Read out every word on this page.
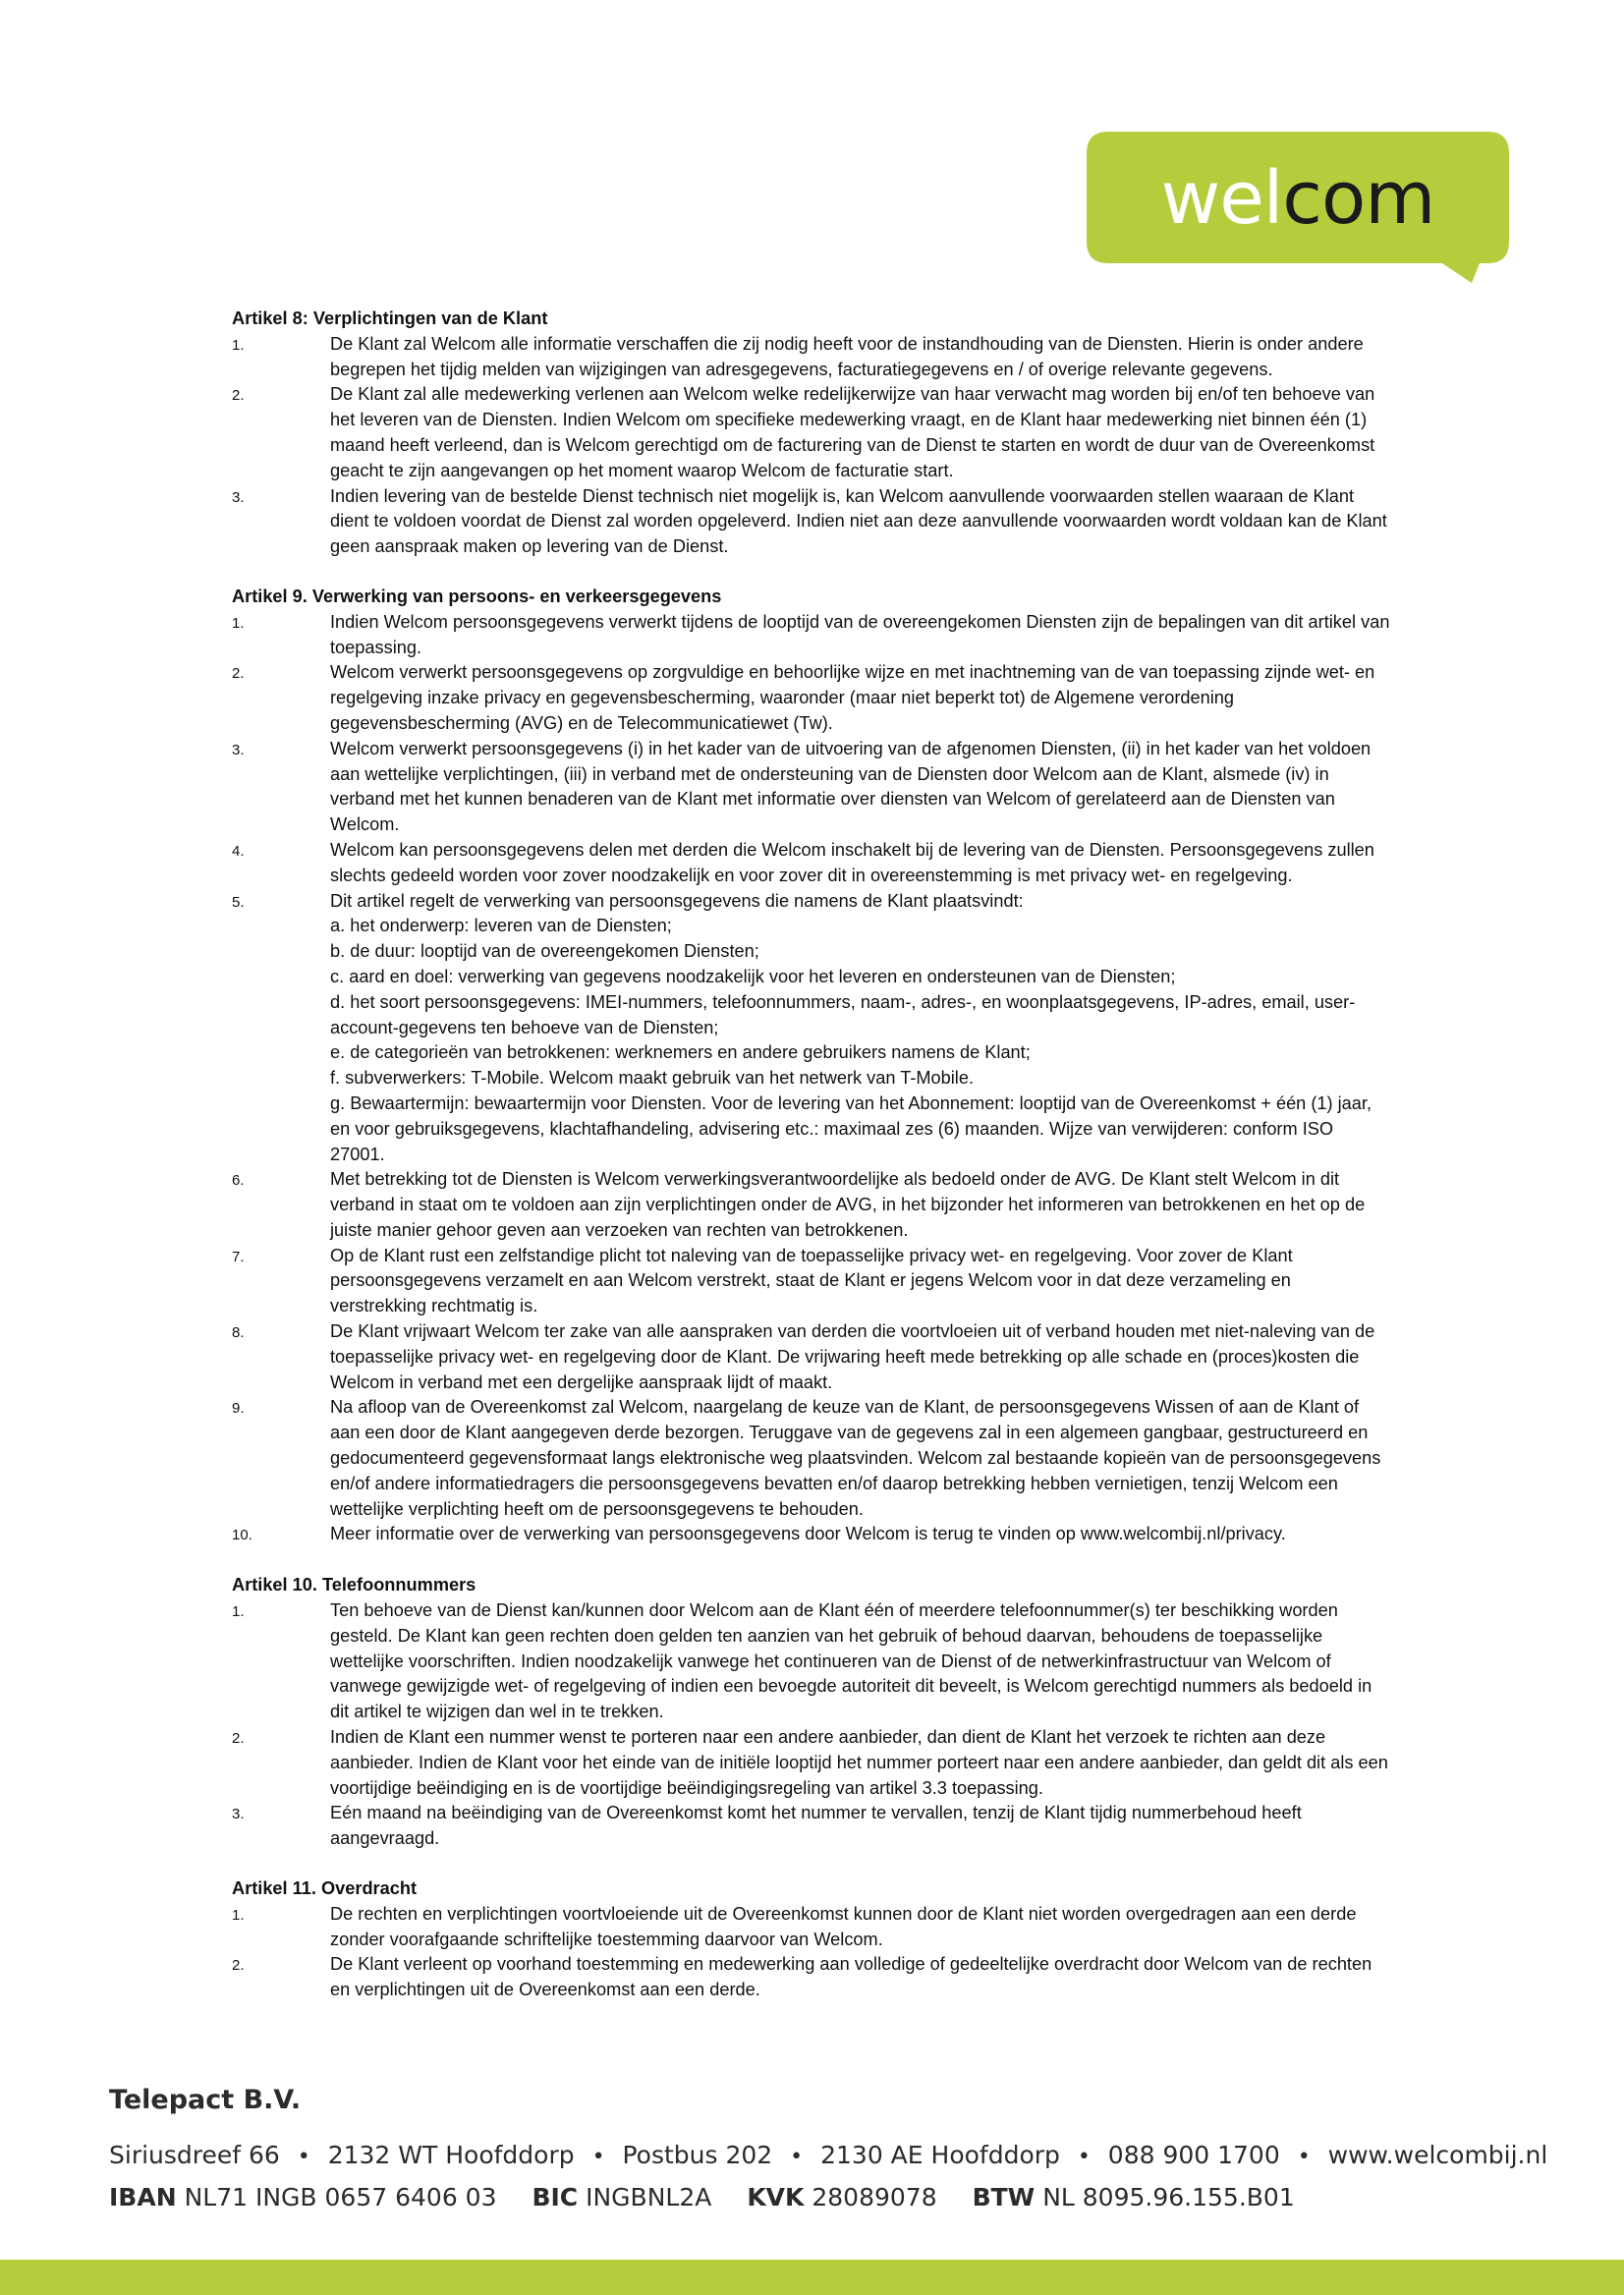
welcom
Artikel 8: Verplichtingen van de Klant
1.	De Klant zal Welcom alle informatie verschaffen die zij nodig heeft voor de instandhouding van de Diensten. Hierin is onder andere begrepen het tijdig melden van wijzigingen van adresgegevens, facturatiegegevens en / of overige relevante gegevens.
2.	De Klant zal alle medewerking verlenen aan Welcom welke redelijkerwijze van haar verwacht mag worden bij en/of ten behoeve van het leveren van de Diensten. Indien Welcom om specifieke medewerking vraagt, en de Klant haar medewerking niet binnen één (1) maand heeft verleend, dan is Welcom gerechtigd om de facturering van de Dienst te starten en wordt de duur van de Overeenkomst geacht te zijn aangevangen op het moment waarop Welcom de facturatie start.
3.	Indien levering van de bestelde Dienst technisch niet mogelijk is, kan Welcom aanvullende voorwaarden stellen waaraan de Klant dient te voldoen voordat de Dienst zal worden opgeleverd. Indien niet aan deze aanvullende voorwaarden wordt voldaan kan de Klant geen aanspraak maken op levering van de Dienst.
Artikel 9. Verwerking van persoons- en verkeersgegevens
1.	Indien Welcom persoonsgegevens verwerkt tijdens de looptijd van de overeengekomen Diensten zijn de bepalingen van dit artikel van toepassing.
2.	Welcom verwerkt persoonsgegevens op zorgvuldige en behoorlijke wijze en met inachtneming van de van toepassing zijnde wet- en regelgeving inzake privacy en gegevensbescherming, waaronder (maar niet beperkt tot) de Algemene verordening gegevensbescherming (AVG) en de Telecommunicatiewet (Tw).
3.	Welcom verwerkt persoonsgegevens (i) in het kader van de uitvoering van de afgenomen Diensten, (ii) in het kader van het voldoen aan wettelijke verplichtingen, (iii) in verband met de ondersteuning van de Diensten door Welcom aan de Klant, alsmede (iv) in verband met het kunnen benaderen van de Klant met informatie over diensten van Welcom of gerelateerd aan de Diensten van Welcom.
4.	Welcom kan persoonsgegevens delen met derden die Welcom inschakelt bij de levering van de Diensten. Persoonsgegevens zullen slechts gedeeld worden voor zover noodzakelijk en voor zover dit in overeenstemming is met privacy wet- en regelgeving.
5.	Dit artikel regelt de verwerking van persoonsgegevens die namens de Klant plaatsvindt:
a. het onderwerp: leveren van de Diensten;
b. de duur: looptijd van de overeengekomen Diensten;
c. aard en doel: verwerking van gegevens noodzakelijk voor het leveren en ondersteunen van de Diensten;
d. het soort persoonsgegevens: IMEI-nummers, telefoonnummers, naam-, adres-, en woonplaatsgegevens, IP-adres, email, user-account-gegevens ten behoeve van de Diensten;
e. de categorieën van betrokkenen: werknemers en andere gebruikers namens de Klant;
f. subverwerkers: T-Mobile. Welcom maakt gebruik van het netwerk van T-Mobile.
g. Bewaartermijn: bewaartermijn voor Diensten. Voor de levering van het Abonnement: looptijd van de Overeenkomst + één (1) jaar, en voor gebruiksgegevens, klachtafhandeling, advisering etc.: maximaal zes (6) maanden. Wijze van verwijderen: conform ISO 27001.
6.	Met betrekking tot de Diensten is Welcom verwerkingsverantwoordelijke als bedoeld onder de AVG. De Klant stelt Welcom in dit verband in staat om te voldoen aan zijn verplichtingen onder de AVG, in het bijzonder het informeren van betrokkenen en het op de juiste manier gehoor geven aan verzoeken van rechten van betrokkenen.
7.	Op de Klant rust een zelfstandige plicht tot naleving van de toepasselijke privacy wet- en regelgeving. Voor zover de Klant persoonsgegevens verzamelt en aan Welcom verstrekt, staat de Klant er jegens Welcom voor in dat deze verzameling en verstrekking rechtmatig is.
8.	De Klant vrijwaart Welcom ter zake van alle aanspraken van derden die voortvloeien uit of verband houden met niet-naleving van de toepasselijke privacy wet- en regelgeving door de Klant. De vrijwaring heeft mede betrekking op alle schade en (proces)kosten die Welcom in verband met een dergelijke aanspraak lijdt of maakt.
9.	Na afloop van de Overeenkomst zal Welcom, naargelang de keuze van de Klant, de persoonsgegevens Wissen of aan de Klant of aan een door de Klant aangegeven derde bezorgen. Teruggave van de gegevens zal in een algemeen gangbaar, gestructureerd en gedocumenteerd gegevensformaat langs elektronische weg plaatsvinden. Welcom zal bestaande kopieën van de persoonsgegevens en/of andere informatiedragers die persoonsgegevens bevatten en/of daarop betrekking hebben vernietigen, tenzij Welcom een wettelijke verplichting heeft om de persoonsgegevens te behouden.
10.	Meer informatie over de verwerking van persoonsgegevens door Welcom is terug te vinden op www.welcombij.nl/privacy.
Artikel 10. Telefoonnummers
1.	Ten behoeve van de Dienst kan/kunnen door Welcom aan de Klant één of meerdere telefoonnummer(s) ter beschikking worden gesteld. De Klant kan geen rechten doen gelden ten aanzien van het gebruik of behoud daarvan, behoudens de toepasselijke wettelijke voorschriften. Indien noodzakelijk vanwege het continueren van de Dienst of de netwerkinfrastructuur van Welcom of vanwege gewijzigde wet- of regelgeving of indien een bevoegde autoriteit dit beveelt, is Welcom gerechtigd nummers als bedoeld in dit artikel te wijzigen dan wel in te trekken.
2.	Indien de Klant een nummer wenst te porteren naar een andere aanbieder, dan dient de Klant het verzoek te richten aan deze aanbieder. Indien de Klant voor het einde van de initiële looptijd het nummer porteert naar een andere aanbieder, dan geldt dit als een voortijdige beëindiging en is de voortijdige beëindigingsregeling van artikel 3.3 toepassing.
3.	Eén maand na beëindiging van de Overeenkomst komt het nummer te vervallen, tenzij de Klant tijdig nummerbehoud heeft aangevraagd.
Artikel 11. Overdracht
1.	De rechten en verplichtingen voortvloeiende uit de Overeenkomst kunnen door de Klant niet worden overgedragen aan een derde zonder voorafgaande schriftelijke toestemming daarvoor van Welcom.
2.	De Klant verleent op voorhand toestemming en medewerking aan volledige of gedeeltelijke overdracht door Welcom van de rechten en verplichtingen uit de Overeenkomst aan een derde.
Telepact B.V.
Siriusdreef 66 • 2132 WT Hoofddorp • Postbus 202 • 2130 AE Hoofddorp • 088 900 1700 • www.welcombij.nl
IBAN NL71 INGB 0657 6406 03 BIC INGBNL2A KVK 28089078 BTW NL 8095.96.155.B01
